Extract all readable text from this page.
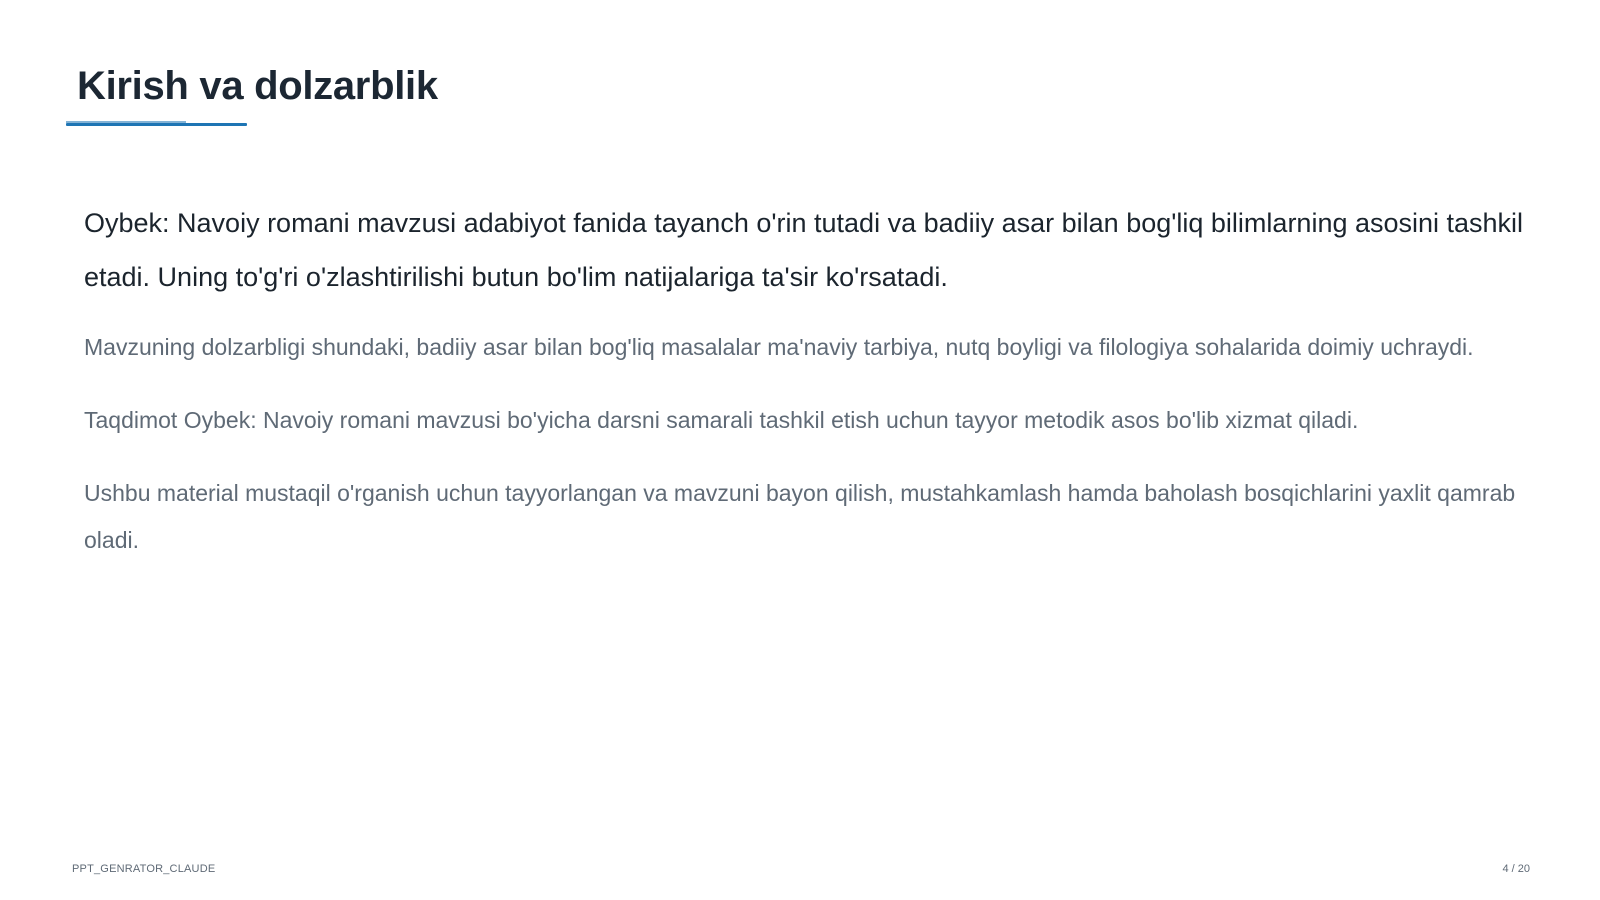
Kirish va dolzarblik

Oybek: Navoiy romani mavzusi adabiyot fanida tayanch o'rin tutadi va badiiy asar bilan bog'liq bilimlarning asosini tashkil etadi. Uning to'g'ri o'zlashtirilishi butun bo'lim natijalariga ta'sir ko'rsatadi.

Mavzuning dolzarbligi shundaki, badiiy asar bilan bog'liq masalalar ma'naviy tarbiya, nutq boyligi va filologiya sohalarida doimiy uchraydi.

Taqdimot Oybek: Navoiy romani mavzusi bo'yicha darsni samarali tashkil etish uchun tayyor metodik asos bo'lib xizmat qiladi.

Ushbu material mustaqil o'rganish uchun tayyorlangan va mavzuni bayon qilish, mustahkamlash hamda baholash bosqichlarini yaxlit qamrab oladi.

PPT_GENRATOR_CLAUDE	4 / 20
